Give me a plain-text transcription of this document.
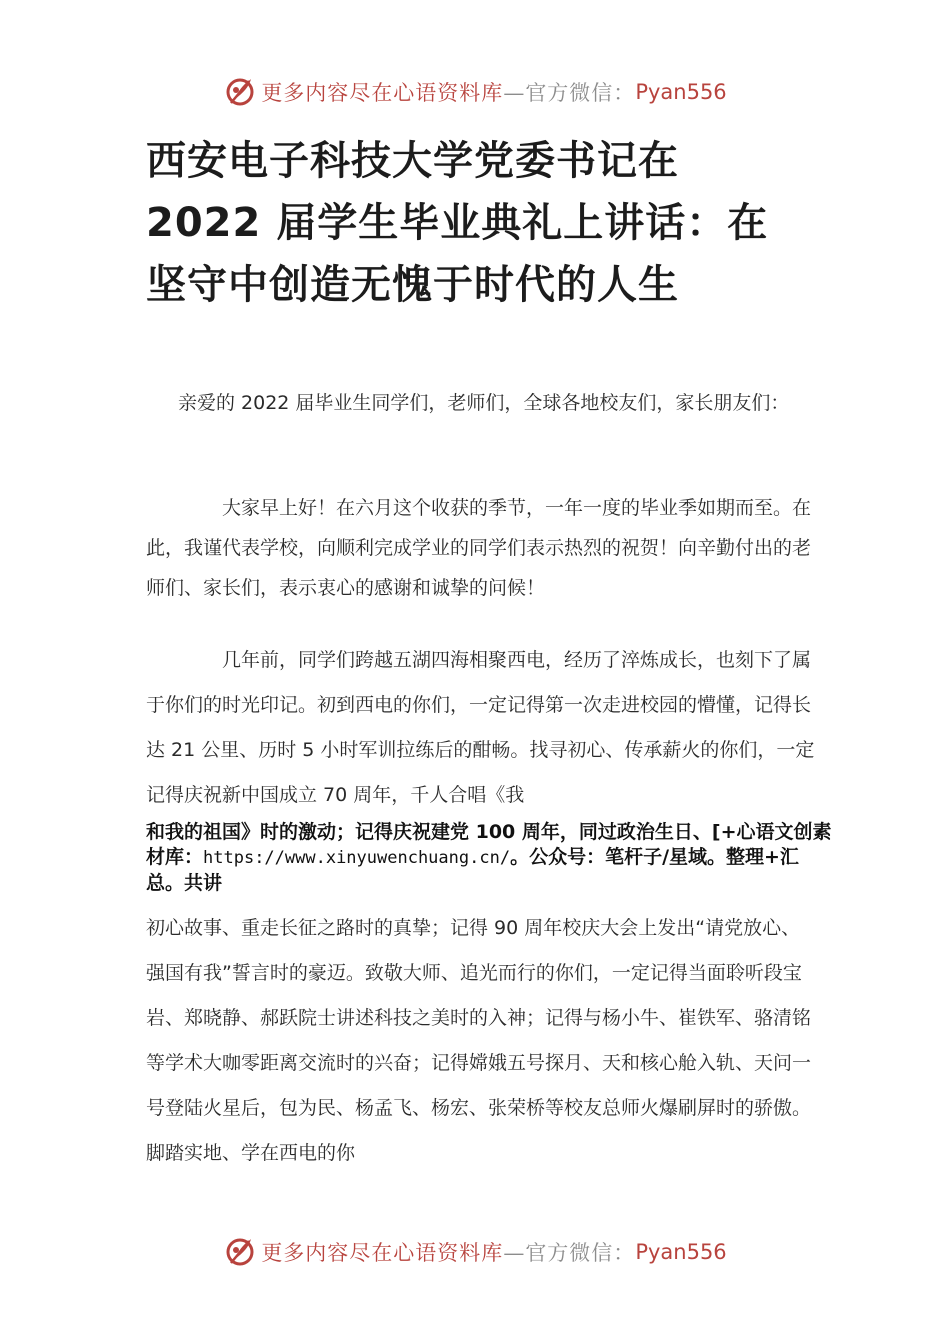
更多内容尽在心语资料库 —官方微信： Pyan556
西安电子科技大学党委书记在
2022 届学生毕业典礼上讲话：在
坚守中创造无愧于时代的人生

亲爱的 2022 届毕业生同学们，老师们，全球各地校友们，家长朋友们：

大家早上好！在六月这个收获的季节，一年一度的毕业季如期而至。在此，我谨代表学校，向顺利完成学业的同学们表示热烈的祝贺！向辛勤付出的老师们、家长们，表示衷心的感谢和诚挚的问候！

几年前，同学们跨越五湖四海相聚西电，经历了淬炼成长，也刻下了属于你们的时光印记。初到西电的你们，一定记得第一次走进校园的懵懂，记得长达 21 公里、历时 5 小时军训拉练后的酣畅。找寻初心、传承薪火的你们，一定记得庆祝新中国成立 70 周年，千人合唱《我

和我的祖国》时的激动；记得庆祝建党 100 周年，同过政治生日、[+心语文创素材库：https://www.xinyuwenchuang.cn/。公众号：笔杆子/星域。整理+汇总。共讲

初心故事、重走长征之路时的真挚；记得 90 周年校庆大会上发出“请党放心、强国有我”誓言时的豪迈。致敬大师、追光而行的你们，一定记得当面聆听段宝岩、郑晓静、郝跃院士讲述科技之美时的入神；记得与杨小牛、崔铁军、骆清铭等学术大咖零距离交流时的兴奋；记得嫦娥五号探月、天和核心舱入轨、天问一号登陆火星后，包为民、杨孟飞、杨宏、张荣桥等校友总师火爆刷屏时的骄傲。脚踏实地、学在西电的你

更多内容尽在心语资料库 —官方微信： Pyan556
